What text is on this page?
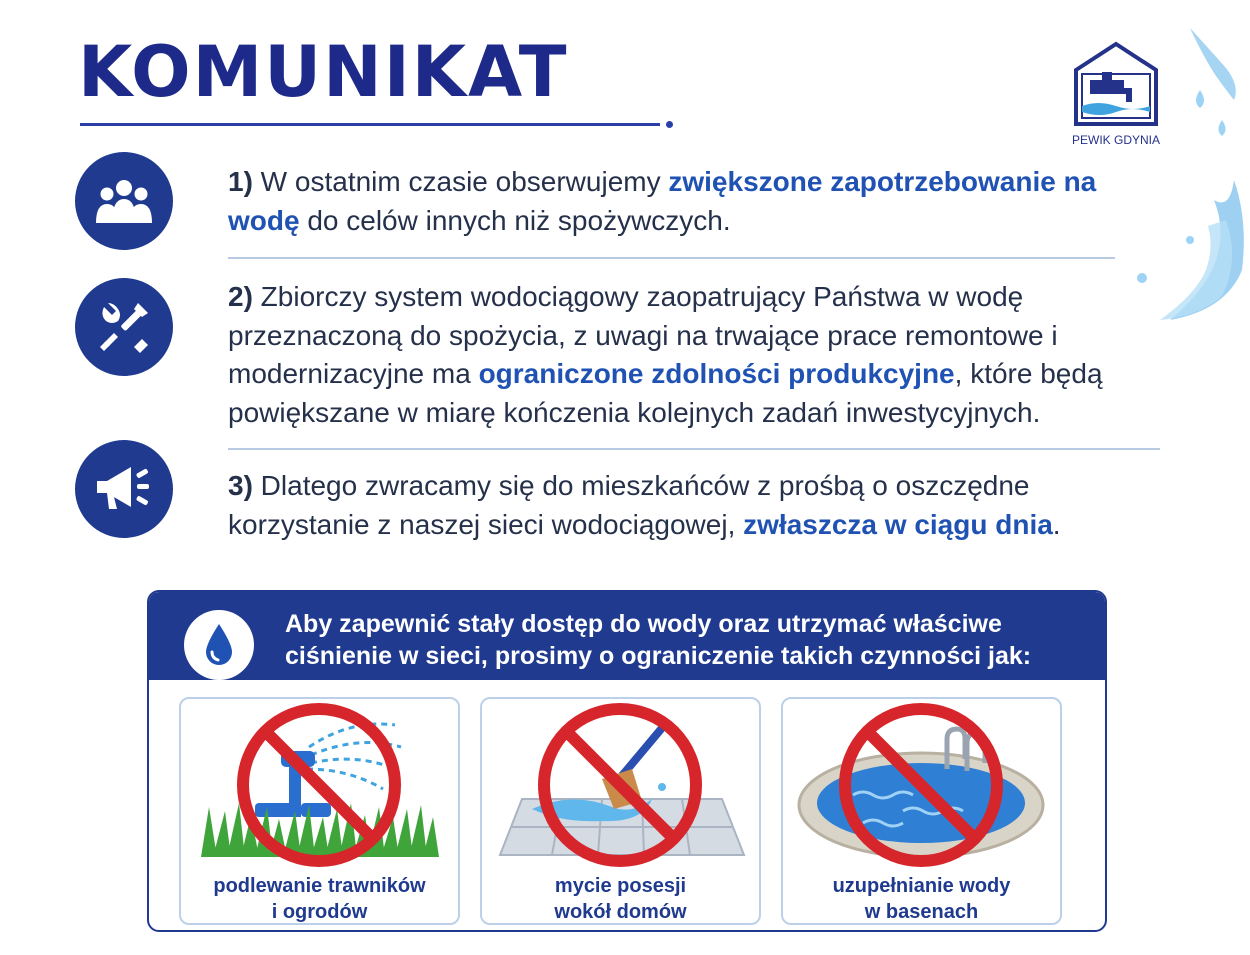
KOMUNIKAT
PEWIK GDYNIA

1) W ostatnim czasie obserwujemy zwiększone zapotrzebowanie na wodę do celów innych niż spożywczych.

2) Zbiorczy system wodociągowy zaopatrujący Państwa w wodę przeznaczoną do spożycia, z uwagi na trwające prace remontowe i modernizacyjne ma ograniczone zdolności produkcyjne, które będą powiększane w miarę kończenia kolejnych zadań inwestycyjnych.

3) Dlatego zwracamy się do mieszkańców z prośbą o oszczędne korzystanie z naszej sieci wodociągowej, zwłaszcza w ciągu dnia.

Aby zapewnić stały dostęp do wody oraz utrzymać właściwe ciśnienie w sieci, prosimy o ograniczenie takich czynności jak:

podlewanie trawników
i ogrodów

mycie posesji
wokół domów

uzupełnianie wody
w basenach
